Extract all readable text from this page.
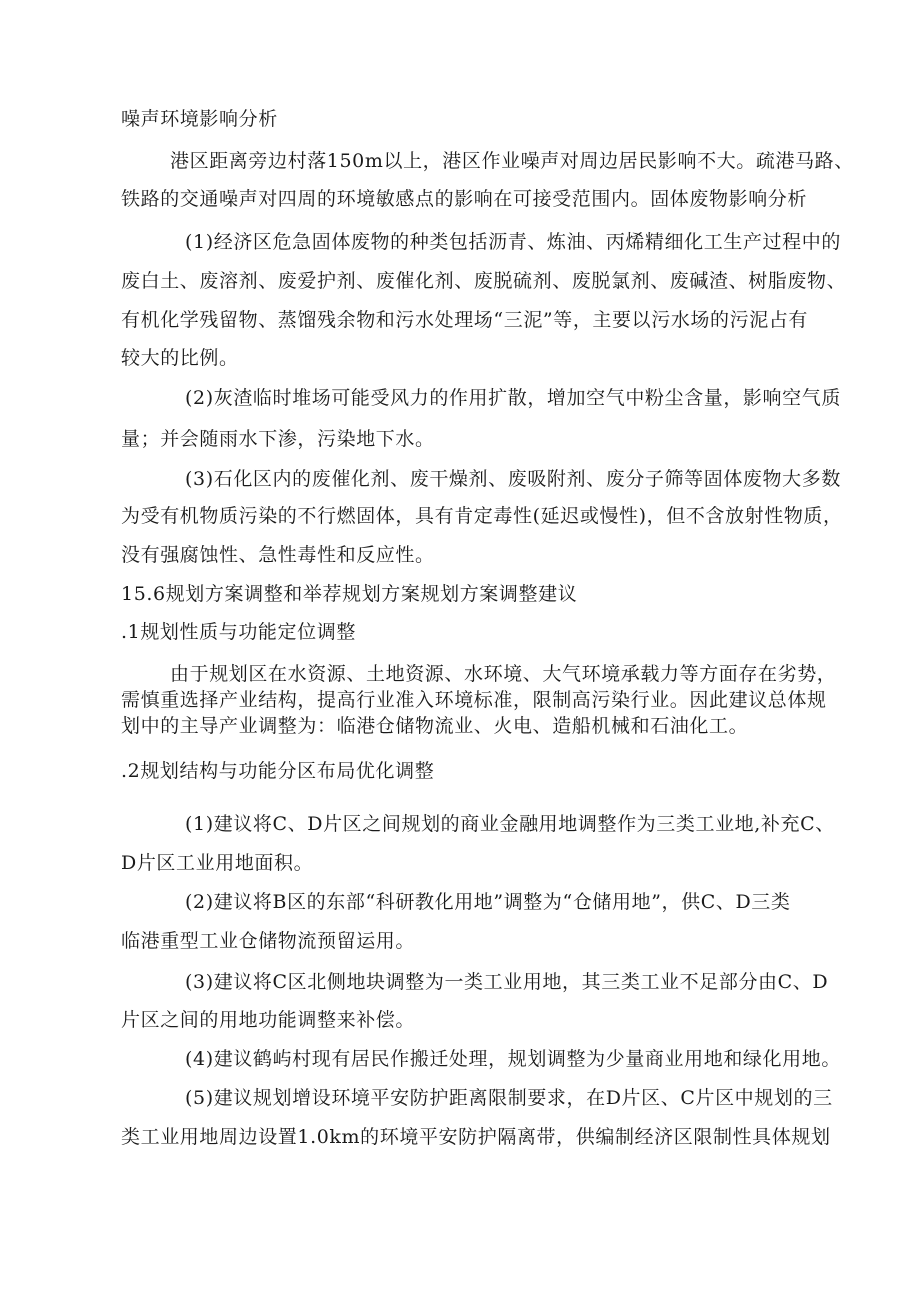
噪声环境影响分析
港区距离旁边村落150m以上，港区作业噪声对周边居民影响不大。疏港马路、
铁路的交通噪声对四周的环境敏感点的影响在可接受范围内。固体废物影响分析
(1)经济区危急固体废物的种类包括沥青、炼油、丙烯精细化工生产过程中的
废白土、废溶剂、废爱护剂、废催化剂、废脱硫剂、废脱氯剂、废碱渣、树脂废物、
有机化学残留物、蒸馏残余物和污水处理场“三泥”等，主要以污水场的污泥占有
较大的比例。
(2)灰渣临时堆场可能受风力的作用扩散，增加空气中粉尘含量，影响空气质
量；并会随雨水下渗，污染地下水。
(3)石化区内的废催化剂、废干燥剂、废吸附剂、废分子筛等固体废物大多数
为受有机物质污染的不行燃固体，具有肯定毒性(延迟或慢性)，但不含放射性物质，
没有强腐蚀性、急性毒性和反应性。
15.6规划方案调整和举荐规划方案规划方案调整建议
.1规划性质与功能定位调整
由于规划区在水资源、土地资源、水环境、大气环境承载力等方面存在劣势，
需慎重选择产业结构，提高行业准入环境标准，限制高污染行业。因此建议总体规
划中的主导产业调整为：临港仓储物流业、火电、造船机械和石油化工。
.2规划结构与功能分区布局优化调整
(1)建议将C、D片区之间规划的商业金融用地调整作为三类工业地,补充C、
D片区工业用地面积。
(2)建议将B区的东部“科研教化用地”调整为“仓储用地”，供C、D三类
临港重型工业仓储物流预留运用。
(3)建议将C区北侧地块调整为一类工业用地，其三类工业不足部分由C、D
片区之间的用地功能调整来补偿。
(4)建议鹤屿村现有居民作搬迁处理，规划调整为少量商业用地和绿化用地。
(5)建议规划增设环境平安防护距离限制要求，在D片区、C片区中规划的三
类工业用地周边设置1.0km的环境平安防护隔离带，供编制经济区限制性具体规划
